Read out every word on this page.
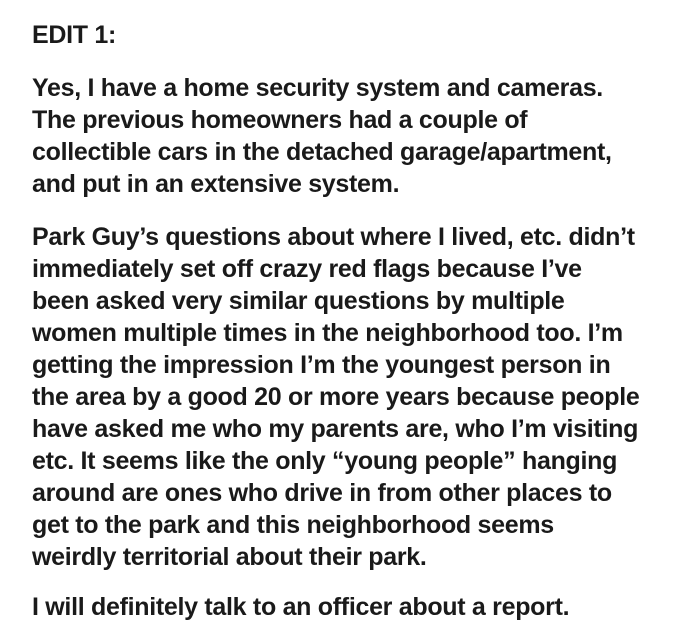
EDIT 1:

Yes, I have a home security system and cameras.
The previous homeowners had a couple of
collectible cars in the detached garage/apartment,
and put in an extensive system.

Park Guy’s questions about where I lived, etc. didn’t
immediately set off crazy red flags because I’ve
been asked very similar questions by multiple
women multiple times in the neighborhood too. I’m
getting the impression I’m the youngest person in
the area by a good 20 or more years because people
have asked me who my parents are, who I’m visiting
etc. It seems like the only “young people” hanging
around are ones who drive in from other places to
get to the park and this neighborhood seems
weirdly territorial about their park.

I will definitely talk to an officer about a report.
